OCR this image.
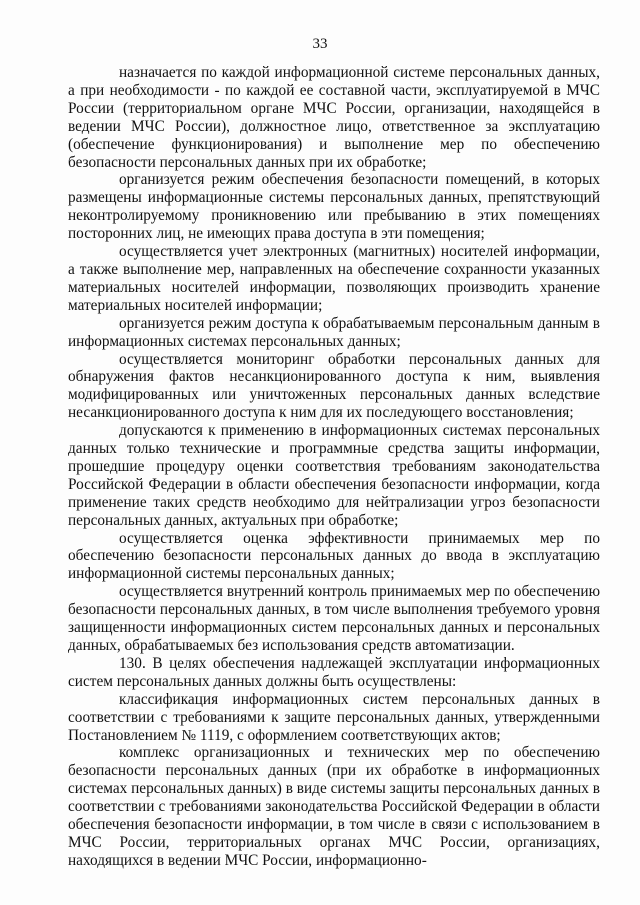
33

назначается по каждой информационной системе персональных данных, а при необходимости - по каждой ее составной части, эксплуатируемой в МЧС России (территориальном органе МЧС России, организации, находящейся в ведении МЧС России), должностное лицо, ответственное за эксплуатацию (обеспечение функционирования) и выполнение мер по обеспечению безопасности персональных данных при их обработке;

организуется режим обеспечения безопасности помещений, в которых размещены информационные системы персональных данных, препятствующий неконтролируемому проникновению или пребыванию в этих помещениях посторонних лиц, не имеющих права доступа в эти помещения;

осуществляется учет электронных (магнитных) носителей информации, а также выполнение мер, направленных на обеспечение сохранности указанных материальных носителей информации, позволяющих производить хранение материальных носителей информации;

организуется режим доступа к обрабатываемым персональным данным в информационных системах персональных данных;

осуществляется мониторинг обработки персональных данных для обнаружения фактов несанкционированного доступа к ним, выявления модифицированных или уничтоженных персональных данных вследствие несанкционированного доступа к ним для их последующего восстановления;

допускаются к применению в информационных системах персональных данных только технические и программные средства защиты информации, прошедшие процедуру оценки соответствия требованиям законодательства Российской Федерации в области обеспечения безопасности информации, когда применение таких средств необходимо для нейтрализации угроз безопасности персональных данных, актуальных при обработке;

осуществляется оценка эффективности принимаемых мер по обеспечению безопасности персональных данных до ввода в эксплуатацию информационной системы персональных данных;

осуществляется внутренний контроль принимаемых мер по обеспечению безопасности персональных данных, в том числе выполнения требуемого уровня защищенности информационных систем персональных данных и персональных данных, обрабатываемых без использования средств автоматизации.

130. В целях обеспечения надлежащей эксплуатации информационных систем персональных данных должны быть осуществлены:

классификация информационных систем персональных данных в соответствии с требованиями к защите персональных данных, утвержденными Постановлением № 1119, с оформлением соответствующих актов;

комплекс организационных и технических мер по обеспечению безопасности персональных данных (при их обработке в информационных системах персональных данных) в виде системы защиты персональных данных в соответствии с требованиями законодательства Российской Федерации в области обеспечения безопасности информации, в том числе в связи с использованием в МЧС России, территориальных органах МЧС России, организациях, находящихся в ведении МЧС России, информационно-
